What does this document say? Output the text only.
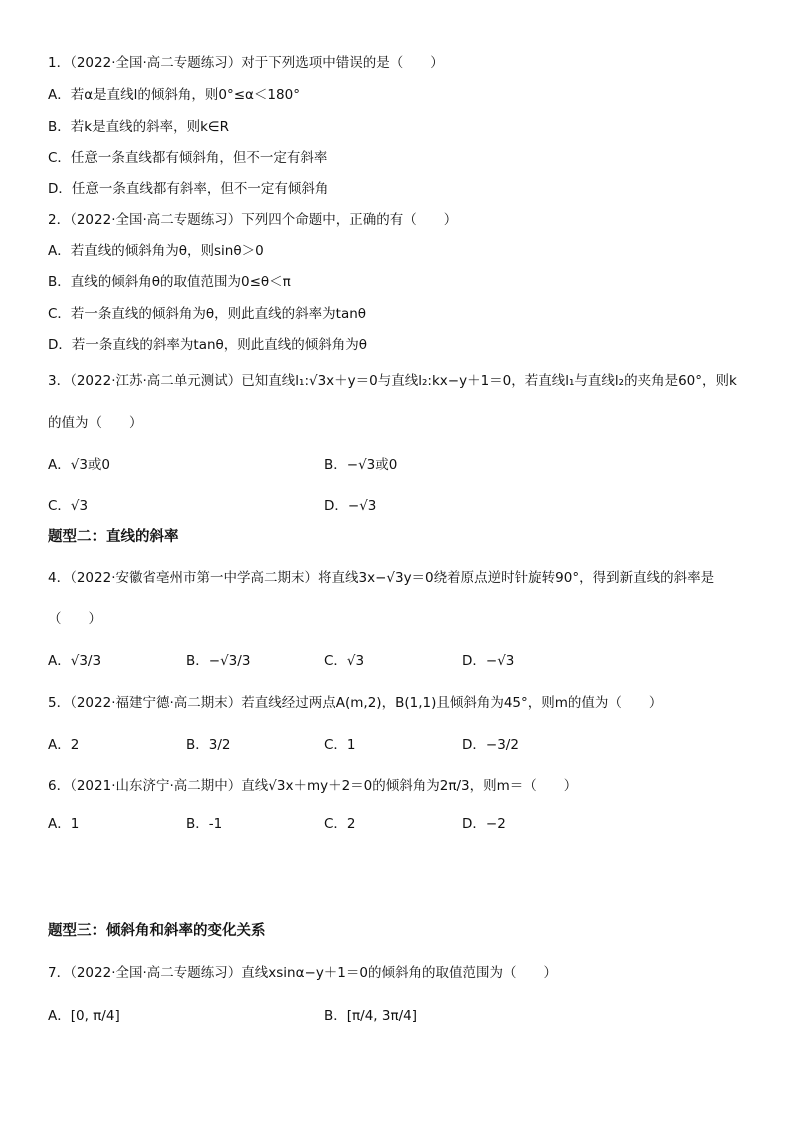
1．（2022·全国·高二专题练习）对于下列选项中错误的是（　　）
A．若α是直线l的倾斜角，则0°≤α＜180°
B．若k是直线的斜率，则k∈R
C．任意一条直线都有倾斜角，但不一定有斜率
D．任意一条直线都有斜率，但不一定有倾斜角
2．（2022·全国·高二专题练习）下列四个命题中，正确的有（　　）
A．若直线的倾斜角为θ，则sinθ＞0
B．直线的倾斜角θ的取值范围为0≤θ＜π
C．若一条直线的倾斜角为θ，则此直线的斜率为tanθ
D．若一条直线的斜率为tanθ，则此直线的倾斜角为θ
3．（2022·江苏·高二单元测试）已知直线l₁:√3x＋y＝0与直线l₂:kx−y＋1＝0，若直线l₁与直线l₂的夹角是60°，则k
的值为（　　）
A．√3或0	B．−√3或0
C．√3	D．−√3
题型二：直线的斜率
4．（2022·安徽省亳州市第一中学高二期末）将直线3x−√3y＝0绕着原点逆时针旋转90°，得到新直线的斜率是
（　　）
A．√3/3	B．−√3/3	C．√3	D．−√3
5．（2022·福建宁德·高二期末）若直线经过两点A(m,2)，B(1,1)且倾斜角为45°，则m的值为（　　）
A．2	B．3/2	C．1	D．−3/2
6．（2021·山东济宁·高二期中）直线√3x＋my＋2＝0的倾斜角为2π/3，则m＝（　　）
A．1	B．-1	C．2	D．−2
题型三：倾斜角和斜率的变化关系
7．（2022·全国·高二专题练习）直线xsinα−y＋1＝0的倾斜角的取值范围为（　　）
A．[0, π/4]	B．[π/4, 3π/4]
